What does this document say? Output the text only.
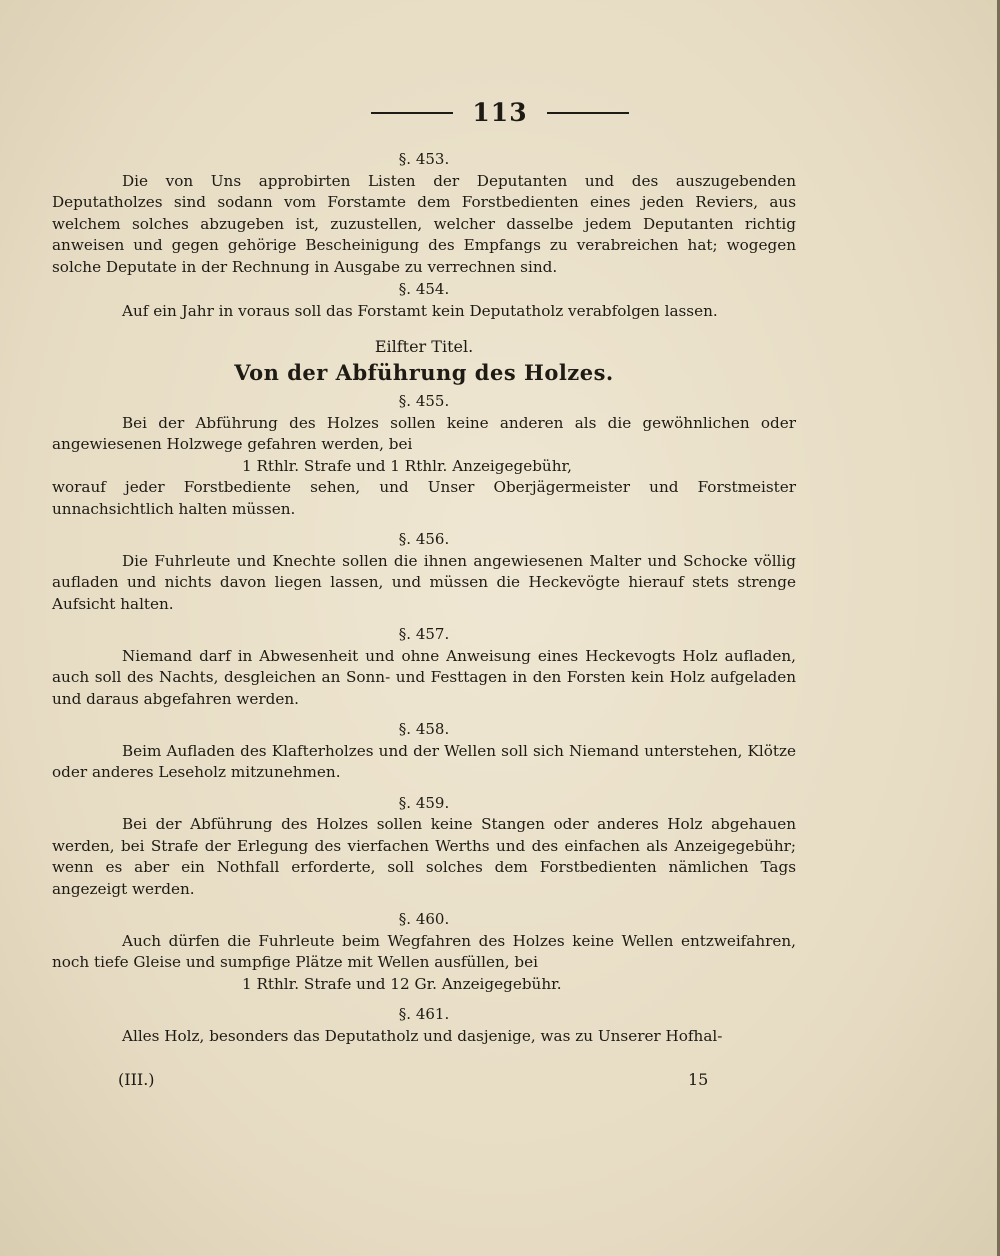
113
§. 453.

Die von Uns approbirten Listen der Deputanten und des auszugebenden Deputatholzes sind sodann vom Forstamte dem Forstbedienten eines jeden Reviers, aus welchem solches abzugeben ist, zuzustellen, welcher dasselbe jedem Deputanten richtig anweisen und gegen gehörige Bescheinigung des Empfangs zu verabreichen hat; wogegen solche Deputate in der Rechnung in Ausgabe zu verrechnen sind.

§. 454.

Auf ein Jahr in voraus soll das Forstamt kein Deputatholz verabfolgen lassen.

Eilfter Titel.
Von der Abführung des Holzes.
§. 455.

Bei der Abführung des Holzes sollen keine anderen als die gewöhnlichen oder angewiesenen Holzwege gefahren werden, bei

1 Rthlr. Strafe und 1 Rthlr. Anzeigegebühr,

worauf jeder Forstbediente sehen, und Unser Oberjägermeister und Forstmeister unnachsichtlich halten müssen.

§. 456.

Die Fuhrleute und Knechte sollen die ihnen angewiesenen Malter und Schocke völlig aufladen und nichts davon liegen lassen, und müssen die Heckevögte hierauf stets strenge Aufsicht halten.

§. 457.

Niemand darf in Abwesenheit und ohne Anweisung eines Heckevogts Holz aufladen, auch soll des Nachts, desgleichen an Sonn- und Festtagen in den Forsten kein Holz aufgeladen und daraus abgefahren werden.

§. 458.

Beim Aufladen des Klafterholzes und der Wellen soll sich Niemand unterstehen, Klötze oder anderes Leseholz mitzunehmen.

§. 459.

Bei der Abführung des Holzes sollen keine Stangen oder anderes Holz abgehauen werden, bei Strafe der Erlegung des vierfachen Werths und des einfachen als Anzeigegebühr; wenn es aber ein Nothfall erforderte, soll solches dem Forstbedienten nämlichen Tags angezeigt werden.

§. 460.

Auch dürfen die Fuhrleute beim Wegfahren des Holzes keine Wellen entzweifahren, noch tiefe Gleise und sumpfige Plätze mit Wellen ausfüllen, bei

1 Rthlr. Strafe und 12 Gr. Anzeigegebühr.

§. 461.

Alles Holz, besonders das Deputatholz und dasjenige, was zu Unserer Hofhal-

(III.)	15
